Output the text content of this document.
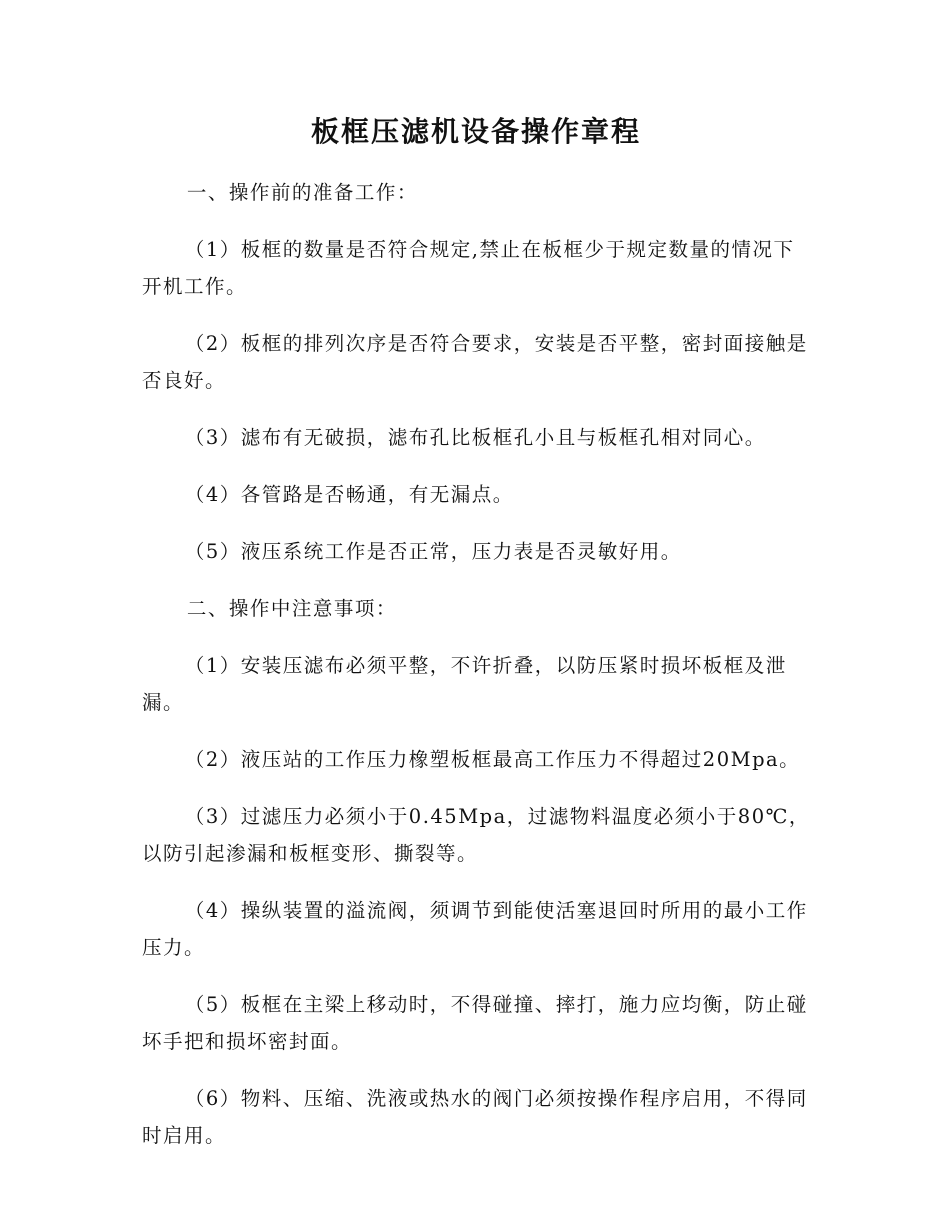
板框压滤机设备操作章程

一、操作前的准备工作：

（1）板框的数量是否符合规定,禁止在板框少于规定数量的情况下开机工作。

（2）板框的排列次序是否符合要求，安装是否平整，密封面接触是否良好。

（3）滤布有无破损，滤布孔比板框孔小且与板框孔相对同心。

（4）各管路是否畅通，有无漏点。

（5）液压系统工作是否正常，压力表是否灵敏好用。

二、操作中注意事项：

（1）安装压滤布必须平整，不许折叠，以防压紧时损坏板框及泄漏。

（2）液压站的工作压力橡塑板框最高工作压力不得超过20Mpa。

（3）过滤压力必须小于0.45Mpa，过滤物料温度必须小于80℃，以防引起渗漏和板框变形、撕裂等。

（4）操纵装置的溢流阀，须调节到能使活塞退回时所用的最小工作压力。

（5）板框在主梁上移动时，不得碰撞、摔打，施力应均衡，防止碰坏手把和损坏密封面。

（6）物料、压缩、洗液或热水的阀门必须按操作程序启用，不得同时启用。
